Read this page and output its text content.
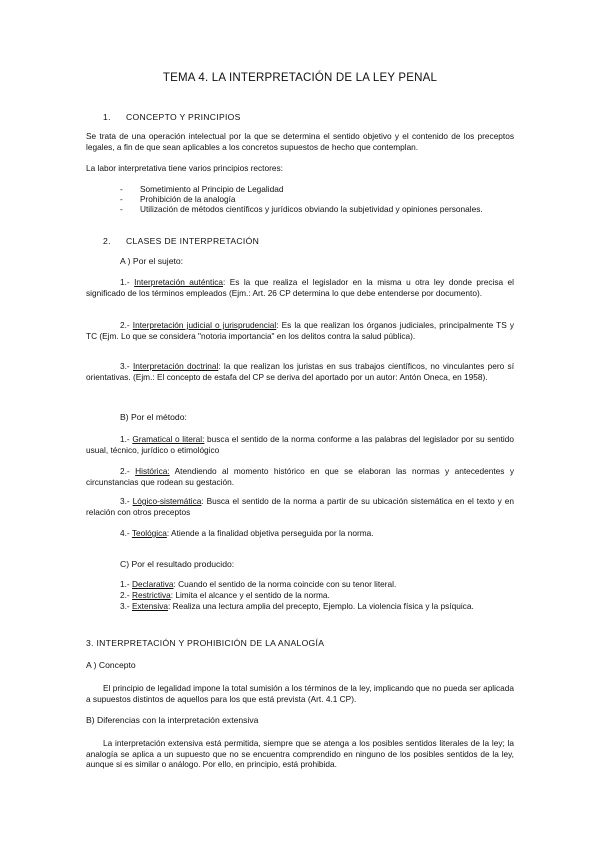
TEMA 4. LA INTERPRETACIÓN DE LA LEY PENAL
1. CONCEPTO Y PRINCIPIOS
Se trata de una operación intelectual por la que se determina el sentido objetivo y el contenido de los preceptos legales, a fin de que sean aplicables a los concretos supuestos de hecho que contemplan.
La labor interpretativa tiene varios principios rectores:
- Sometimiento al Principio de Legalidad
- Prohibición de la analogía
- Utilización de métodos científicos y jurídicos obviando la subjetividad y opiniones personales.
2. CLASES DE INTERPRETACIÓN
A ) Por el sujeto:
1.- Interpretación auténtica: Es la que realiza el legislador en la misma u otra ley donde precisa el significado de los términos empleados (Ejm.: Art. 26 CP determina lo que debe entenderse por documento).
2.- Interpretación judicial o jurisprudencial: Es la que realizan los órganos judiciales, principalmente TS y TC (Ejm. Lo que se considera "notoria importancia" en los delitos contra la salud pública).
3.- Interpretación doctrinal: la que realizan los juristas en sus trabajos científicos, no vinculantes pero sí orientativas. (Ejm.: El concepto de estafa del CP se deriva del aportado por un autor: Antón Oneca, en 1958).
B) Por el método:
1.- Gramatical o literal: busca el sentido de la norma conforme a las palabras del legislador por su sentido usual, técnico, jurídico o etimológico
2.- Histórica: Atendiendo al momento histórico en que se elaboran las normas y antecedentes y circunstancias que rodean su gestación.
3.- Lógico-sistemática: Busca el sentido de la norma a partir de su ubicación sistemática en el texto y en relación con otros preceptos
4.- Teológica: Atiende a la finalidad objetiva perseguida por la norma.
C) Por el resultado producido:
1.- Declarativa: Cuando el sentido de la norma coincide con su tenor literal.
2.- Restrictiva: Limita el alcance y el sentido de la norma.
3.- Extensiva: Realiza una lectura amplia del precepto, Ejemplo. La violencia física y la psíquica.
3. INTERPRETACIÓN Y PROHIBICIÓN DE LA ANALOGÍA
A ) Concepto
El principio de legalidad impone la total sumisión a los términos de la ley, implicando que no pueda ser aplicada a supuestos distintos de aquellos para los que está prevista (Art. 4.1 CP).
B) Diferencias con la interpretación extensiva
La interpretación extensiva está permitida, siempre que se atenga a los posibles sentidos literales de la ley; la analogía se aplica a un supuesto que no se encuentra comprendido en ninguno de los posibles sentidos de la ley, aunque si es similar o análogo. Por ello, en principio, está prohibida.
